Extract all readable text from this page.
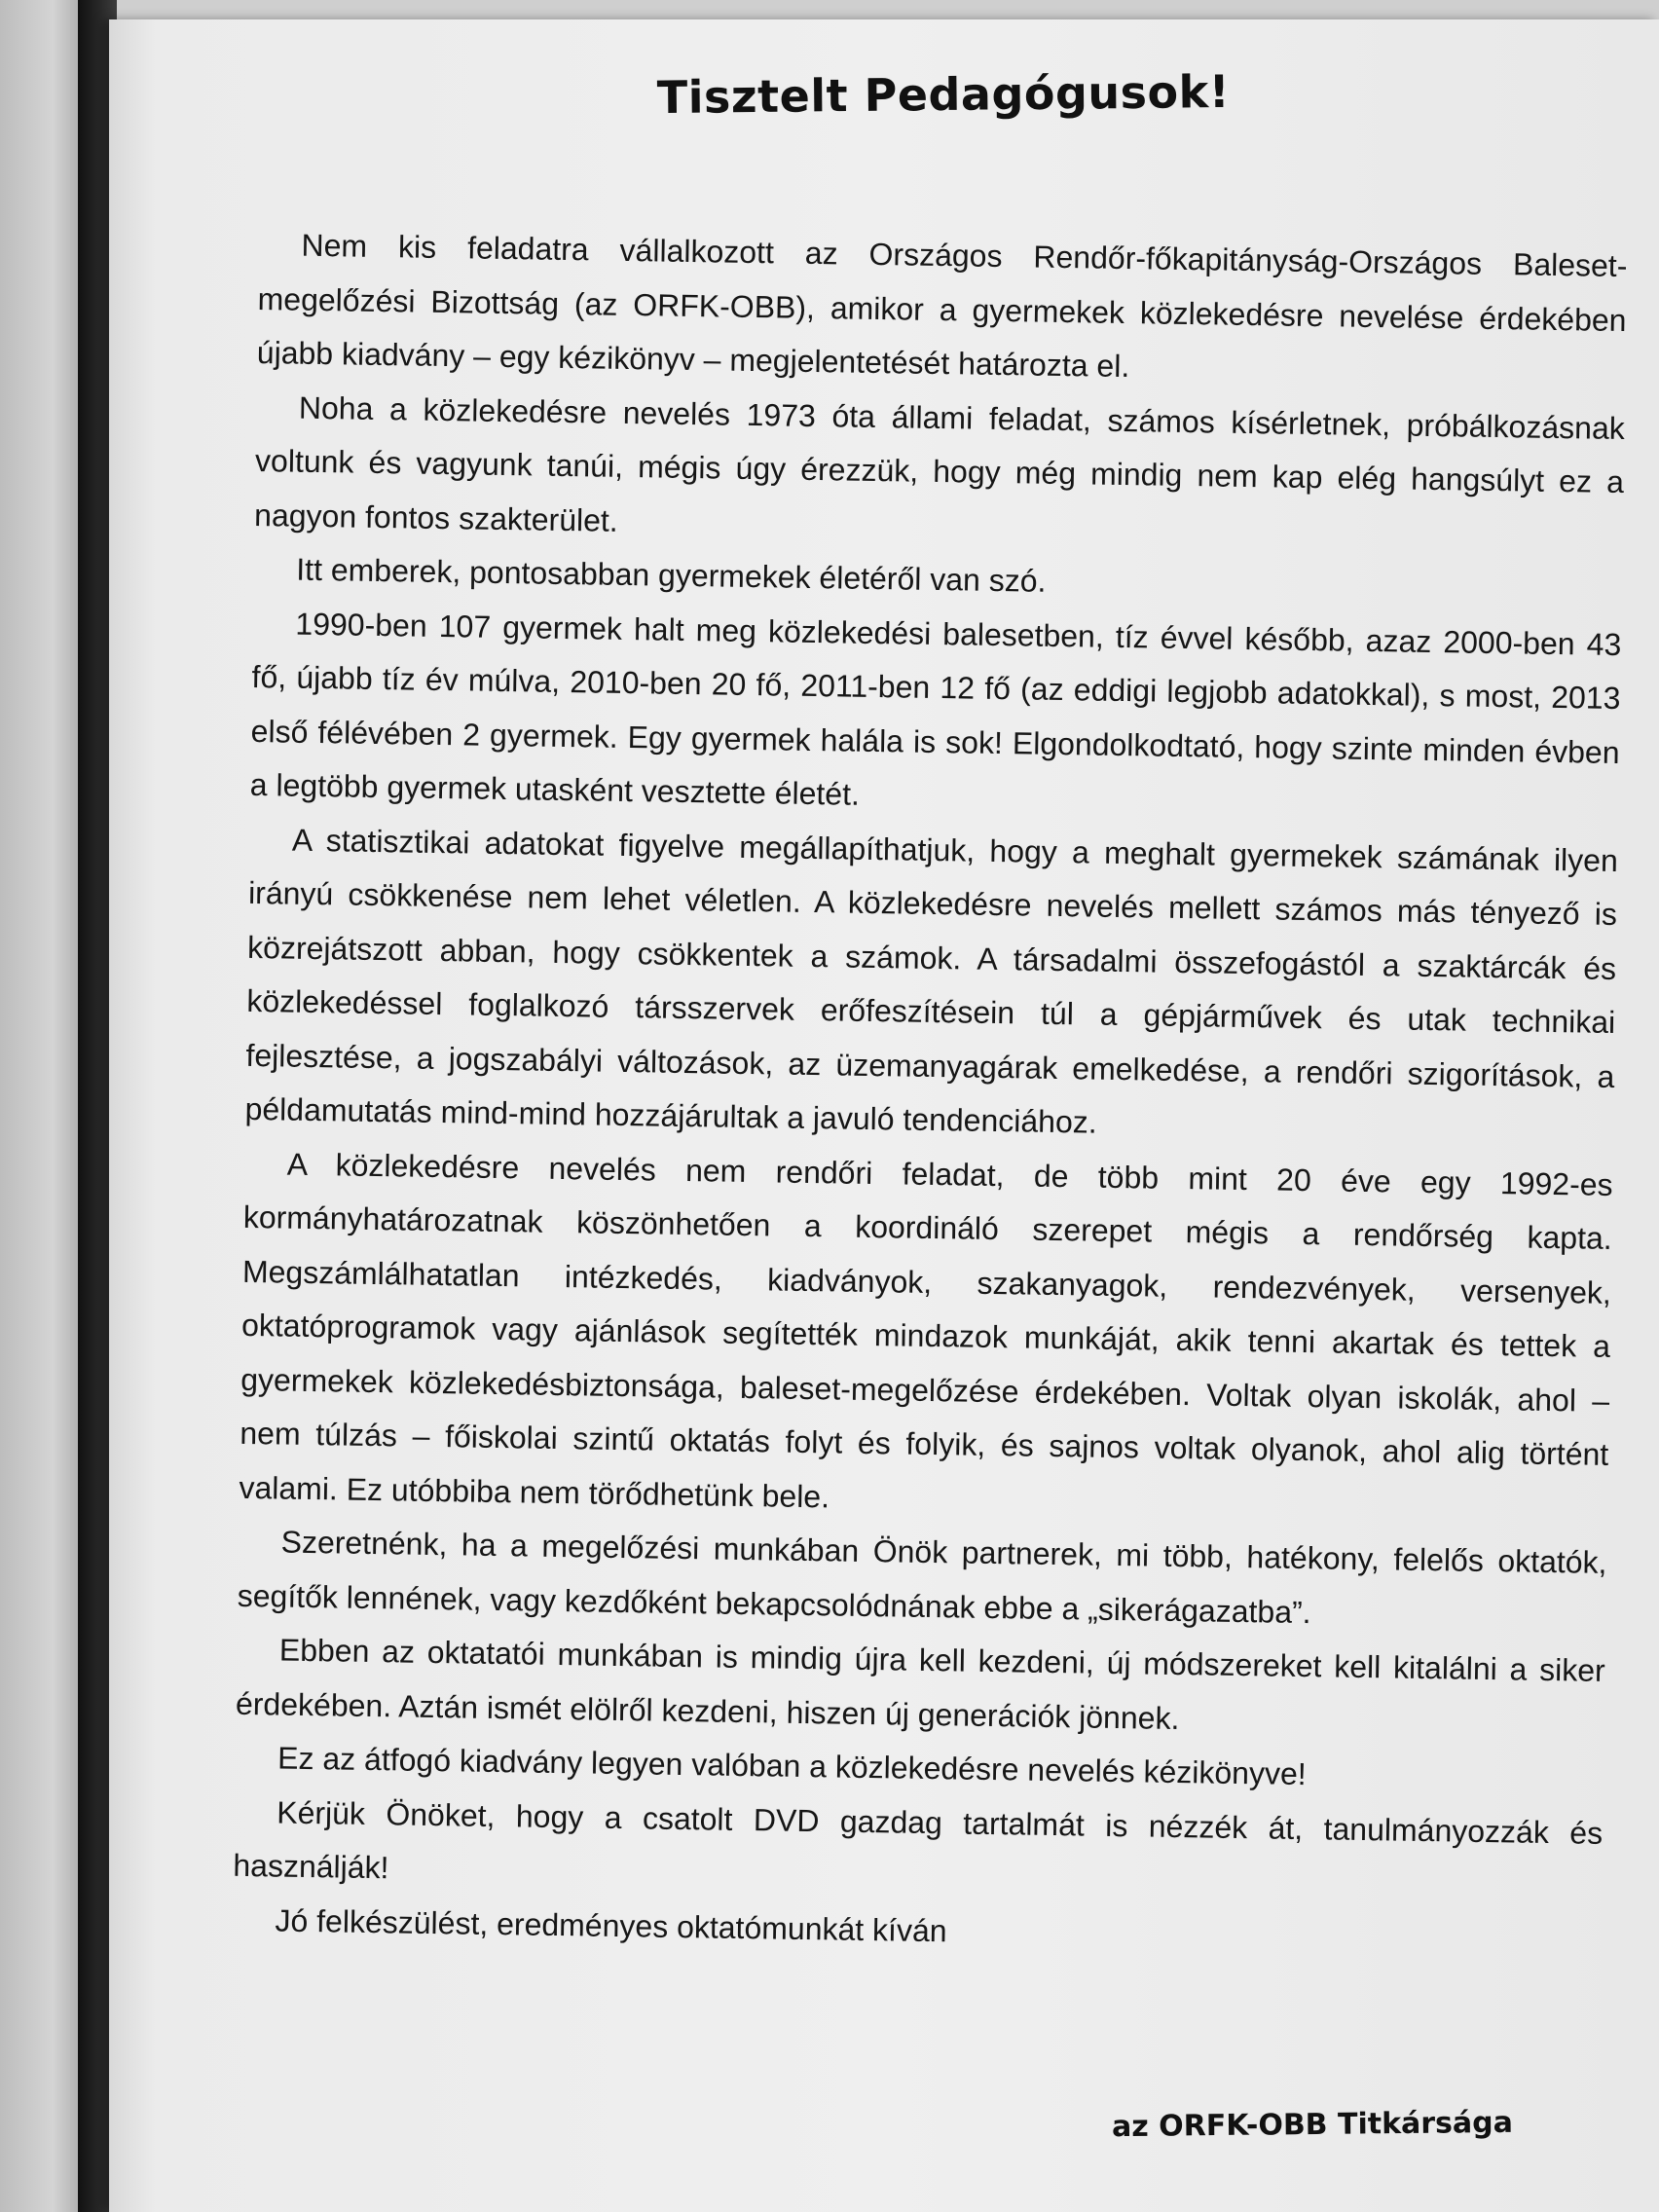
Tisztelt Pedagógusok!

Nem kis feladatra vállalkozott az Országos Rendőr-főkapitányság-Országos Baleset-megelőzési Bizottság (az ORFK-OBB), amikor a gyermekek közlekedésre nevelése érdekében újabb kiadvány – egy kézikönyv – megjelentetését határozta el.

Noha a közlekedésre nevelés 1973 óta állami feladat, számos kísérletnek, próbálkozásnak voltunk és vagyunk tanúi, mégis úgy érezzük, hogy még mindig nem kap elég hangsúlyt ez a nagyon fontos szakterület.

Itt emberek, pontosabban gyermekek életéről van szó.

1990-ben 107 gyermek halt meg közlekedési balesetben, tíz évvel később, azaz 2000-ben 43 fő, újabb tíz év múlva, 2010-ben 20 fő, 2011-ben 12 fő (az eddigi legjobb adatokkal), s most, 2013 első félévében 2 gyermek. Egy gyermek halála is sok! Elgondolkodtató, hogy szinte minden évben a legtöbb gyermek utasként vesztette életét.

A statisztikai adatokat figyelve megállapíthatjuk, hogy a meghalt gyermekek számának ilyen irányú csökkenése nem lehet véletlen. A közlekedésre nevelés mellett számos más tényező is közrejátszott abban, hogy csökkentek a számok. A társadalmi összefogástól a szaktárcák és közlekedéssel foglalkozó társszervek erőfeszítésein túl a gépjárművek és utak technikai fejlesztése, a jogszabályi változások, az üzemanyagárak emelkedése, a rendőri szigorítások, a példamutatás mind-mind hozzájárultak a javuló tendenciához.

A közlekedésre nevelés nem rendőri feladat, de több mint 20 éve egy 1992-es kormányhatározatnak köszönhetően a koordináló szerepet mégis a rendőrség kapta. Megszámlálhatatlan intézkedés, kiadványok, szakanyagok, rendezvények, versenyek, oktatóprogramok vagy ajánlások segítették mindazok munkáját, akik tenni akartak és tettek a gyermekek közlekedésbiztonsága, baleset-megelőzése érdekében. Voltak olyan iskolák, ahol – nem túlzás – főiskolai szintű oktatás folyt és folyik, és sajnos voltak olyanok, ahol alig történt valami. Ez utóbbiba nem törődhetünk bele.

Szeretnénk, ha a megelőzési munkában Önök partnerek, mi több, hatékony, felelős oktatók, segítők lennének, vagy kezdőként bekapcsolódnának ebbe a „sikerágazatba”.

Ebben az oktatatói munkában is mindig újra kell kezdeni, új módszereket kell kitalálni a siker érdekében. Aztán ismét elölről kezdeni, hiszen új generációk jönnek.

Ez az átfogó kiadvány legyen valóban a közlekedésre nevelés kézikönyve!

Kérjük Önöket, hogy a csatolt DVD gazdag tartalmát is nézzék át, tanulmányozzák és használják!

Jó felkészülést, eredményes oktatómunkát kíván

az ORFK-OBB Titkársága
